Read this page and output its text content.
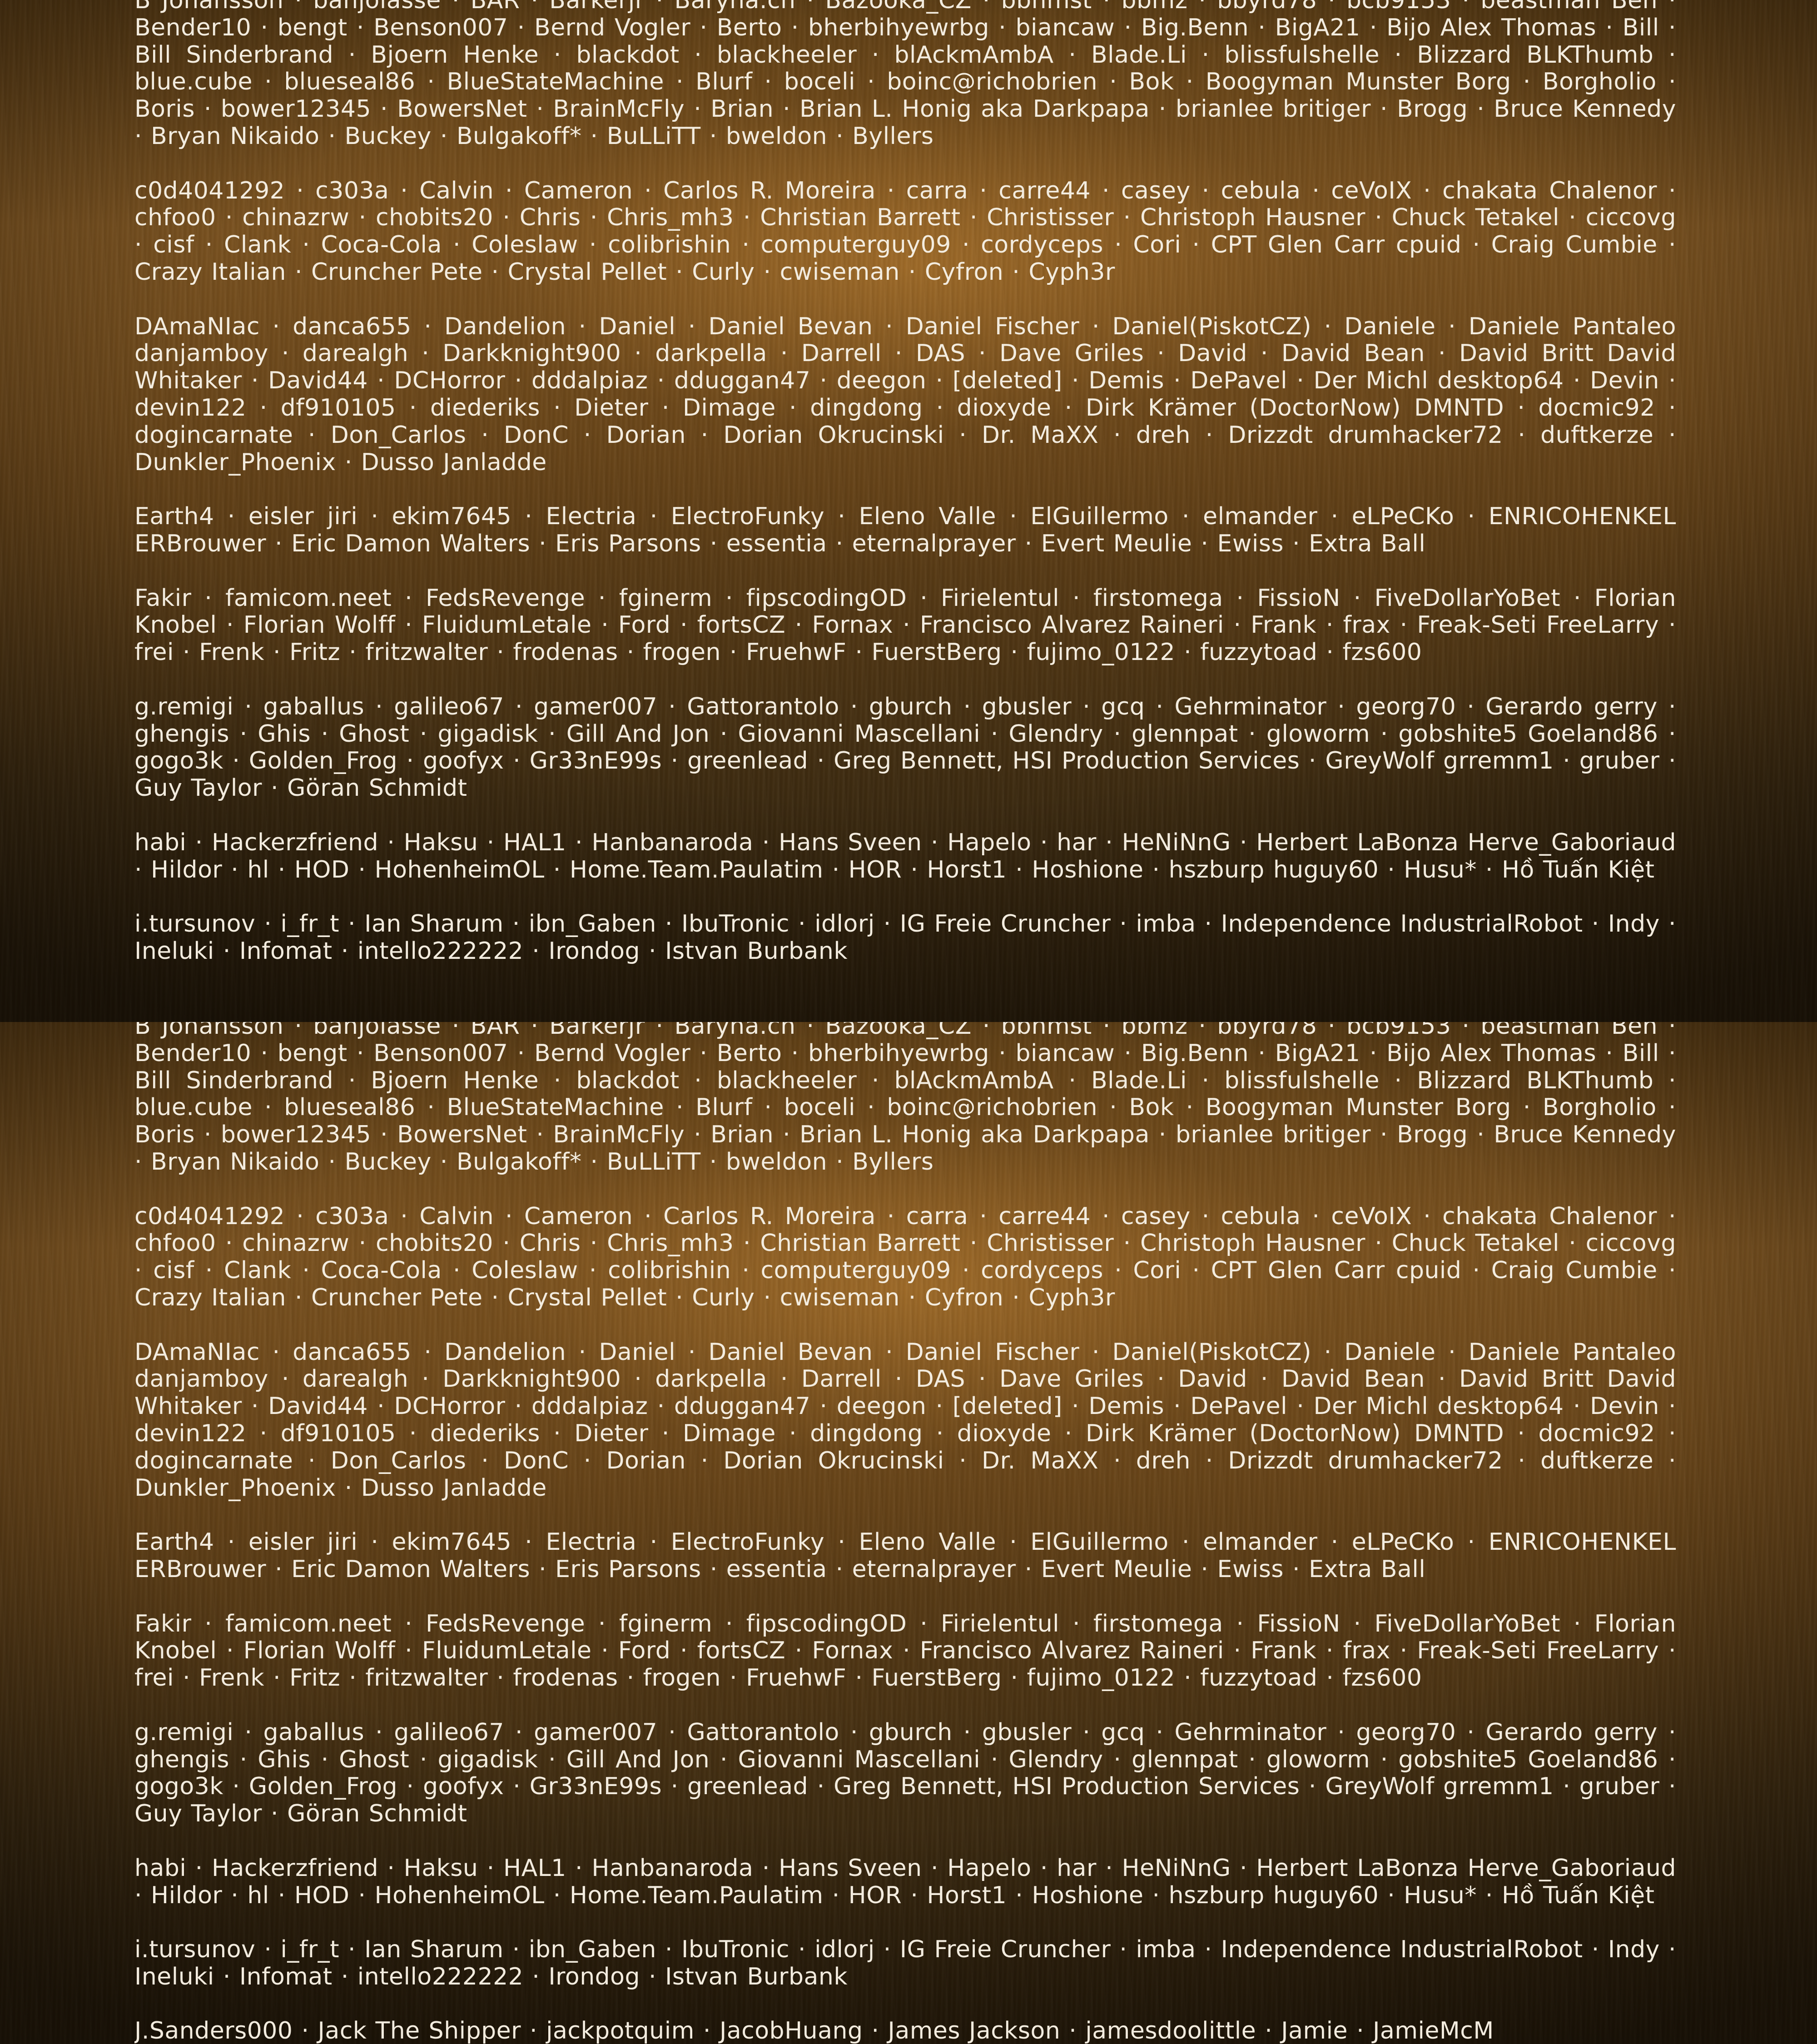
B Johansson · banjolasse · BAR · Barkerjr · Baryna.ch · Bazooka_CZ · bbhmst · bbmz · bbyrd78 · bcb9153 · beastman Ben · Bender10 · bengt · Benson007 · Bernd Vogler · Berto · bherbihyewrbg · biancaw · Big.Benn · BigA21 · Bijo Alex Thomas · Bill · Bill Sinderbrand · Bjoern Henke · blackdot · blackheeler · blAckmAmbA · Blade.Li · blissfulshelle · Blizzard BLKThumb · blue.cube · blueseal86 · BlueStateMachine · Blurf · boceli · boinc@richobrien · Bok · Boogyman Munster Borg · Borgholio · Boris · bower12345 · BowersNet · BrainMcFly · Brian · Brian L. Honig aka Darkpapa · brianlee britiger · Brogg · Bruce Kennedy · Bryan Nikaido · Buckey · Bulgakoff* · BuLLiTT · bweldon · Byllers

c0d4041292 · c303a · Calvin · Cameron · Carlos R. Moreira · carra · carre44 · casey · cebula · ceVoIX · chakata Chalenor · chfoo0 · chinazrw · chobits20 · Chris · Chris_mh3 · Christian Barrett · Christisser · Christoph Hausner · Chuck Tetakel · ciccovg · cisf · Clank · Coca-Cola · Coleslaw · colibrishin · computerguy09 · cordyceps · Cori · CPT Glen Carr cpuid · Craig Cumbie · Crazy Italian · Cruncher Pete · Crystal Pellet · Curly · cwiseman · Cyfron · Cyph3r

DAmaNIac · danca655 · Dandelion · Daniel · Daniel Bevan · Daniel Fischer · Daniel(PiskotCZ) · Daniele · Daniele Pantaleo danjamboy · darealgh · Darkknight900 · darkpella · Darrell · DAS · Dave Griles · David · David Bean · David Britt David Whitaker · David44 · DCHorror · dddalpiaz · dduggan47 · deegon · [deleted] · Demis · DePavel · Der Michl desktop64 · Devin · devin122 · df910105 · diederiks · Dieter · Dimage · dingdong · dioxyde · Dirk Krämer (DoctorNow) DMNTD · docmic92 · dogincarnate · Don_Carlos · DonC · Dorian · Dorian Okrucinski · Dr. MaXX · dreh · Drizzdt drumhacker72 · duftkerze · Dunkler_Phoenix · Dusso Janladde

Earth4 · eisler jiri · ekim7645 · Electria · ElectroFunky · Eleno Valle · ElGuillermo · elmander · eLPeCKo · ENRICOHENKEL ERBrouwer · Eric Damon Walters · Eris Parsons · essentia · eternalprayer · Evert Meulie · Ewiss · Extra Ball

Fakir · famicom.neet · FedsRevenge · fginerm · fipscodingOD · Firielentul · firstomega · FissioN · FiveDollarYoBet · Florian Knobel · Florian Wolff · FluidumLetale · Ford · fortsCZ · Fornax · Francisco Alvarez Raineri · Frank · frax · Freak-Seti FreeLarry · frei · Frenk · Fritz · fritzwalter · frodenas · frogen · FruehwF · FuerstBerg · fujimo_0122 · fuzzytoad · fzs600

g.remigi · gaballus · galileo67 · gamer007 · Gattorantolo · gburch · gbusler · gcq · Gehrminator · georg70 · Gerardo gerry · ghengis · Ghis · Ghost · gigadisk · Gill And Jon · Giovanni Mascellani · Glendry · glennpat · gloworm · gobshite5 Goeland86 · gogo3k · Golden_Frog · goofyx · Gr33nE99s · greenlead · Greg Bennett, HSI Production Services · GreyWolf grremm1 · gruber · Guy Taylor · Göran Schmidt

habi · Hackerzfriend · Haksu · HAL1 · Hanbanaroda · Hans Sveen · Hapelo · har · HeNiNnG · Herbert LaBonza Herve_Gaboriaud · Hildor · hl · HOD · HohenheimOL · Home.Team.Paulatim · HOR · Horst1 · Hoshione · hszburp huguy60 · Husu* · Hồ Tuấn Kiệt

i.tursunov · i_fr_t · Ian Sharum · ibn_Gaben · IbuTronic · idlorj · IG Freie Cruncher · imba · Independence IndustrialRobot · Indy · Ineluki · Infomat · intello222222 · Irondog · Istvan Burbank

B Johansson · banjolasse · BAR · Barkerjr · Baryna.ch · Bazooka_CZ · bbhmst · bbmz · bbyrd78 · bcb9153 · beastman Ben · Bender10 · bengt · Benson007 · Bernd Vogler · Berto · bherbihyewrbg · biancaw · Big.Benn · BigA21 · Bijo Alex Thomas · Bill · Bill Sinderbrand · Bjoern Henke · blackdot · blackheeler · blAckmAmbA · Blade.Li · blissfulshelle · Blizzard BLKThumb · blue.cube · blueseal86 · BlueStateMachine · Blurf · boceli · boinc@richobrien · Bok · Boogyman Munster Borg · Borgholio · Boris · bower12345 · BowersNet · BrainMcFly · Brian · Brian L. Honig aka Darkpapa · brianlee britiger · Brogg · Bruce Kennedy · Bryan Nikaido · Buckey · Bulgakoff* · BuLLiTT · bweldon · Byllers

c0d4041292 · c303a · Calvin · Cameron · Carlos R. Moreira · carra · carre44 · casey · cebula · ceVoIX · chakata Chalenor · chfoo0 · chinazrw · chobits20 · Chris · Chris_mh3 · Christian Barrett · Christisser · Christoph Hausner · Chuck Tetakel · ciccovg · cisf · Clank · Coca-Cola · Coleslaw · colibrishin · computerguy09 · cordyceps · Cori · CPT Glen Carr cpuid · Craig Cumbie · Crazy Italian · Cruncher Pete · Crystal Pellet · Curly · cwiseman · Cyfron · Cyph3r

DAmaNIac · danca655 · Dandelion · Daniel · Daniel Bevan · Daniel Fischer · Daniel(PiskotCZ) · Daniele · Daniele Pantaleo danjamboy · darealgh · Darkknight900 · darkpella · Darrell · DAS · Dave Griles · David · David Bean · David Britt David Whitaker · David44 · DCHorror · dddalpiaz · dduggan47 · deegon · [deleted] · Demis · DePavel · Der Michl desktop64 · Devin · devin122 · df910105 · diederiks · Dieter · Dimage · dingdong · dioxyde · Dirk Krämer (DoctorNow) DMNTD · docmic92 · dogincarnate · Don_Carlos · DonC · Dorian · Dorian Okrucinski · Dr. MaXX · dreh · Drizzdt drumhacker72 · duftkerze · Dunkler_Phoenix · Dusso Janladde

Earth4 · eisler jiri · ekim7645 · Electria · ElectroFunky · Eleno Valle · ElGuillermo · elmander · eLPeCKo · ENRICOHENKEL ERBrouwer · Eric Damon Walters · Eris Parsons · essentia · eternalprayer · Evert Meulie · Ewiss · Extra Ball

Fakir · famicom.neet · FedsRevenge · fginerm · fipscodingOD · Firielentul · firstomega · FissioN · FiveDollarYoBet · Florian Knobel · Florian Wolff · FluidumLetale · Ford · fortsCZ · Fornax · Francisco Alvarez Raineri · Frank · frax · Freak-Seti FreeLarry · frei · Frenk · Fritz · fritzwalter · frodenas · frogen · FruehwF · FuerstBerg · fujimo_0122 · fuzzytoad · fzs600

g.remigi · gaballus · galileo67 · gamer007 · Gattorantolo · gburch · gbusler · gcq · Gehrminator · georg70 · Gerardo gerry · ghengis · Ghis · Ghost · gigadisk · Gill And Jon · Giovanni Mascellani · Glendry · glennpat · gloworm · gobshite5 Goeland86 · gogo3k · Golden_Frog · goofyx · Gr33nE99s · greenlead · Greg Bennett, HSI Production Services · GreyWolf grremm1 · gruber · Guy Taylor · Göran Schmidt

habi · Hackerzfriend · Haksu · HAL1 · Hanbanaroda · Hans Sveen · Hapelo · har · HeNiNnG · Herbert LaBonza Herve_Gaboriaud · Hildor · hl · HOD · HohenheimOL · Home.Team.Paulatim · HOR · Horst1 · Hoshione · hszburp huguy60 · Husu* · Hồ Tuấn Kiệt

i.tursunov · i_fr_t · Ian Sharum · ibn_Gaben · IbuTronic · idlorj · IG Freie Cruncher · imba · Independence IndustrialRobot · Indy · Ineluki · Infomat · intello222222 · Irondog · Istvan Burbank

J.Sanders000 · Jack The Shipper · jackpotquim · JacobHuang · James Jackson · jamesdoolittle · Jamie · JamieMcM
